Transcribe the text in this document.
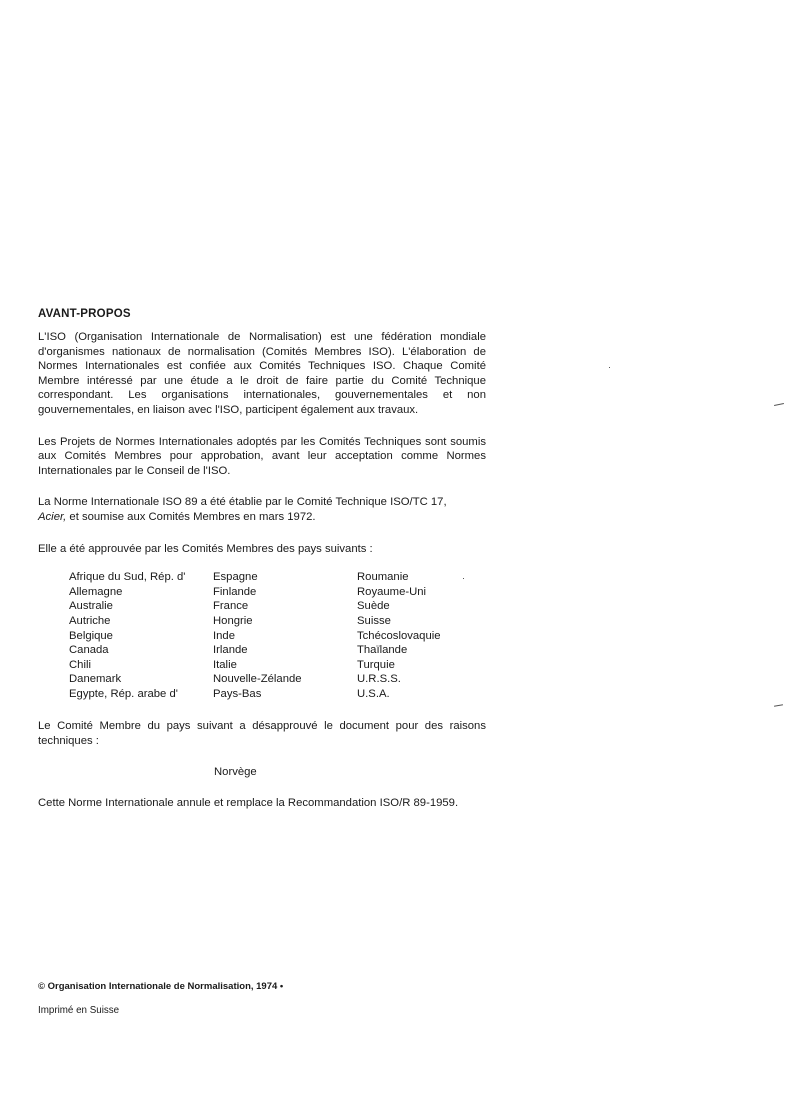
AVANT-PROPOS

L'ISO (Organisation Internationale de Normalisation) est une fédération mondiale d'organismes nationaux de normalisation (Comités Membres ISO). L'élaboration de Normes Internationales est confiée aux Comités Techniques ISO. Chaque Comité Membre intéressé par une étude a le droit de faire partie du Comité Technique correspondant. Les organisations internationales, gouvernementales et non gouvernementales, en liaison avec l'ISO, participent également aux travaux.

Les Projets de Normes Internationales adoptés par les Comités Techniques sont soumis aux Comités Membres pour approbation, avant leur acceptation comme Normes Internationales par le Conseil de l'ISO.

La Norme Internationale ISO 89 a été établie par le Comité Technique ISO/TC 17,
Acier, et soumise aux Comités Membres en mars 1972.

Elle a été approuvée par les Comités Membres des pays suivants :

Afrique du Sud, Rép. d'
Allemagne
Australie
Autriche
Belgique
Canada
Chili
Danemark
Egypte, Rép. arabe d'
Espagne
Finlande
France
Hongrie
Inde
Irlande
Italie
Nouvelle-Zélande
Pays-Bas
Roumanie
Royaume-Uni
Suède
Suisse
Tchécoslovaquie
Thaïlande
Turquie
U.R.S.S.
U.S.A.

Le Comité Membre du pays suivant a désapprouvé le document pour des raisons techniques :

Norvège

Cette Norme Internationale annule et remplace la Recommandation ISO/R 89-1959.

© Organisation Internationale de Normalisation, 1974 •
Imprimé en Suisse
